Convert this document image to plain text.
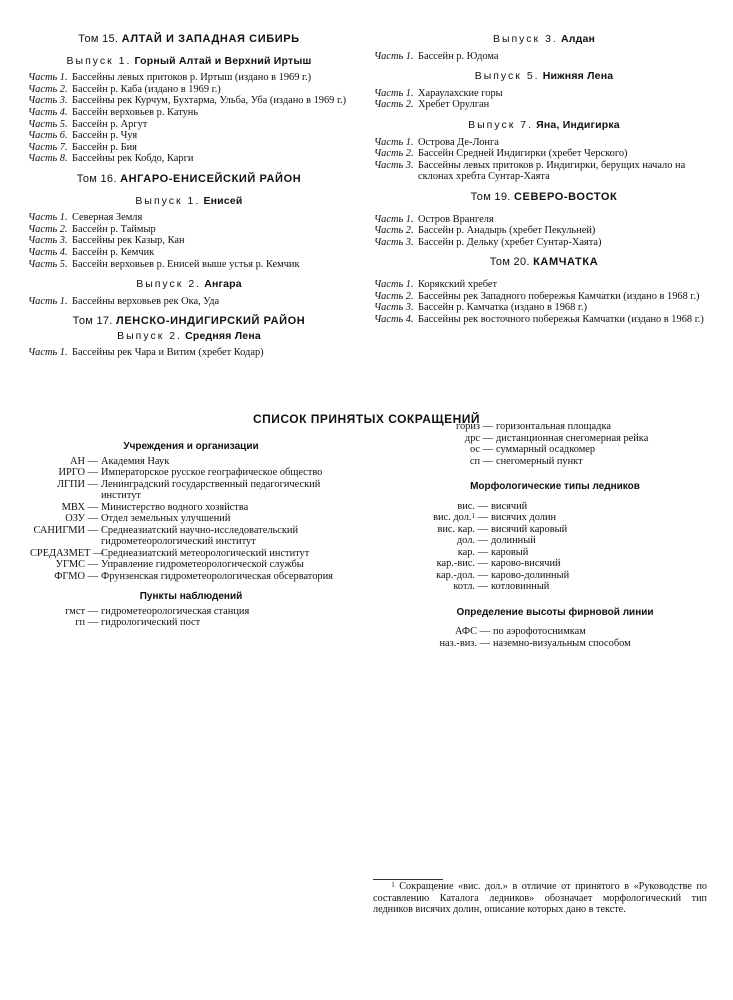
Том 15. АЛТАЙ И ЗАПАДНАЯ СИБИРЬ
Выпуск 1. Горный Алтай и Верхний Иртыш
Часть 1. Бассейны левых притоков р. Иртыш (издано в 1969 г.)
Часть 2. Бассейн р. Каба (издано в 1969 г.)
Часть 3. Бассейны рек Курчум, Бухтарма, Ульба, Уба (издано в 1969 г.)
Часть 4. Бассейн верховьев р. Катунь
Часть 5. Бассейн р. Аргут
Часть 6. Бассейн р. Чуя
Часть 7. Бассейн р. Бия
Часть 8. Бассейны рек Кобдо, Карги
Том 16. АНГАРО-ЕНИСЕЙСКИЙ РАЙОН
Выпуск 1. Енисей
Часть 1. Северная Земля
Часть 2. Бассейн р. Таймыр
Часть 3. Бассейны рек Казыр, Кан
Часть 4. Бассейн р. Кемчик
Часть 5. Бассейн верховьев р. Енисей выше устья р. Кемчик
Выпуск 2. Ангара
Часть 1. Бассейны верховьев рек Ока, Уда
Том 17. ЛЕНСКО-ИНДИГИРСКИЙ РАЙОН
Выпуск 2. Средняя Лена
Часть 1. Бассейны рек Чара и Витим (хребет Кодар)
Выпуск 3. Алдан
Часть 1. Бассейн р. Юдома
Выпуск 5. Нижняя Лена
Часть 1. Хараулахские горы
Часть 2. Хребет Орулган
Выпуск 7. Яна, Индигирка
Часть 1. Острова Де-Лонга
Часть 2. Бассейн Средней Индигирки (хребет Черского)
Часть 3. Бассейны левых притоков р. Индигирки, берущих начало на склонах хребта Сунтар-Хаята
Том 19. СЕВЕРО-ВОСТОК
Часть 1. Остров Врангеля
Часть 2. Бассейн р. Анадырь (хребет Пекульней)
Часть 3. Бассейн р. Дельку (хребет Сунтар-Хаята)
Том 20. КАМЧАТКА
Часть 1. Корякский хребет
Часть 2. Бассейны рек Западного побережья Камчатки (издано в 1968 г.)
Часть 3. Бассейн р. Камчатка (издано в 1968 г.)
Часть 4. Бассейны рек восточного побережья Камчатки (издано в 1968 г.)
СПИСОК ПРИНЯТЫХ СОКРАЩЕНИЙ
Учреждения и организации
АН — Академия Наук
ИРГО — Императорское русское географическое общество
ЛГПИ — Ленинградский государственный педагогический институт
МВХ — Министерство водного хозяйства
ОЗУ — Отдел земельных улучшений
САНИГМИ — Среднеазиатский научно-исследовательский гидрометеорологический институт
СРЕДАЗМЕТ —
Среднеазиатский метеорологический институт
УГМС — Управление гидрометеорологической службы
ФГМО — Фрунзенская гидрометеорологическая обсерватория
Пункты наблюдений
гмст — гидрометеорологическая станция
гп — гидрологический пост
гориз — горизонтальная площадка
дрс — дистанционная снегомерная рейка
ос — суммарный осадкомер
сп — снегомерный пункт
Морфологические типы ледников
вис. — висячий
вис. дол.$^1$ — висячих долин
вис. кар. — висячий каровый
дол. — долинный
кар. — каровый
кар.-вис. — карово-висячий
кар.-дол. — карово-долинный
котл. — котловинный
Определение высоты фирновой линии
АФС — по аэрофотоснимкам
наз.-виз. — наземно-визуальным способом
$^1$ Сокращение «вис. дол.» в отличие от принятого в «Руководстве по составлению Каталога ледников» обозначает морфологический тип ледников висячих долин, описание которых дано в тексте.
